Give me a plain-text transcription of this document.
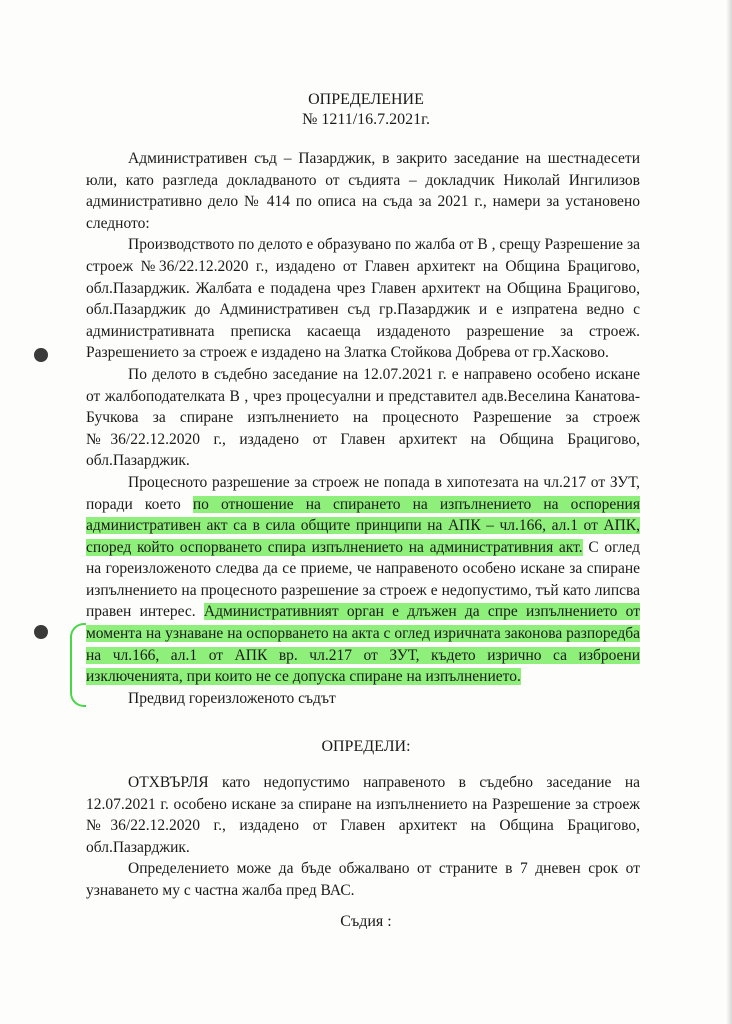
ОПРЕДЕЛЕНИЕ
№ 1211/16.7.2021г.

Административен съд – Пазарджик, в закрито заседание на шестнадесети юли, като разгледа докладваното от съдията – докладчик Николай Ингилизов административно дело № 414 по описа на съда за 2021 г., намери за установено следното:

Производството по делото е образувано по жалба от В , срещу Разрешение за строеж №36/22.12.2020 г., издадено от Главен архитект на Община Брацигово, обл.Пазарджик. Жалбата е подадена чрез Главен архитект на Община Брацигово, обл.Пазарджик до Административен съд гр.Пазарджик и е изпратена ведно с административната преписка касаеща издаденото разрешение за строеж. Разрешението за строеж е издадено на Златка Стойкова Добрева от гр.Хасково.

По делото в съдебно заседание на 12.07.2021 г. е направено особено искане от жалбоподателката В , чрез процесуални и представител адв.Веселина Канатова-Бучкова за спиране изпълнението на процесното Разрешение за строеж №36/22.12.2020 г., издадено от Главен архитект на Община Брацигово, обл.Пазарджик.

Процесното разрешение за строеж не попада в хипотезата на чл.217 от ЗУТ, поради което по отношение на спирането на изпълнението на оспорения административен акт са в сила общите принципи на АПК – чл.166, ал.1 от АПК, според който оспорването спира изпълнението на административния акт. С оглед на гореизложеното следва да се приеме, че направеното особено искане за спиране изпълнението на процесното разрешение за строеж е недопустимо, тъй като липсва правен интерес. Административният орган е длъжен да спре изпълнението от момента на узнаване на оспорването на акта с оглед изричната законова разпоредба на чл.166, ал.1 от АПК вр. чл.217 от ЗУТ, където изрично са изброени изключенията, при които не се допуска спиране на изпълнението.

Предвид гореизложеното съдът

ОПРЕДЕЛИ:

ОТХВЪРЛЯ като недопустимо направеното в съдебно заседание на 12.07.2021 г. особено искане за спиране на изпълнението на Разрешение за строеж №36/22.12.2020 г., издадено от Главен архитект на Община Брацигово, обл.Пазарджик.

Определението може да бъде обжалвано от страните в 7 дневен срок от узнаването му с частна жалба пред ВАС.

Съдия :
